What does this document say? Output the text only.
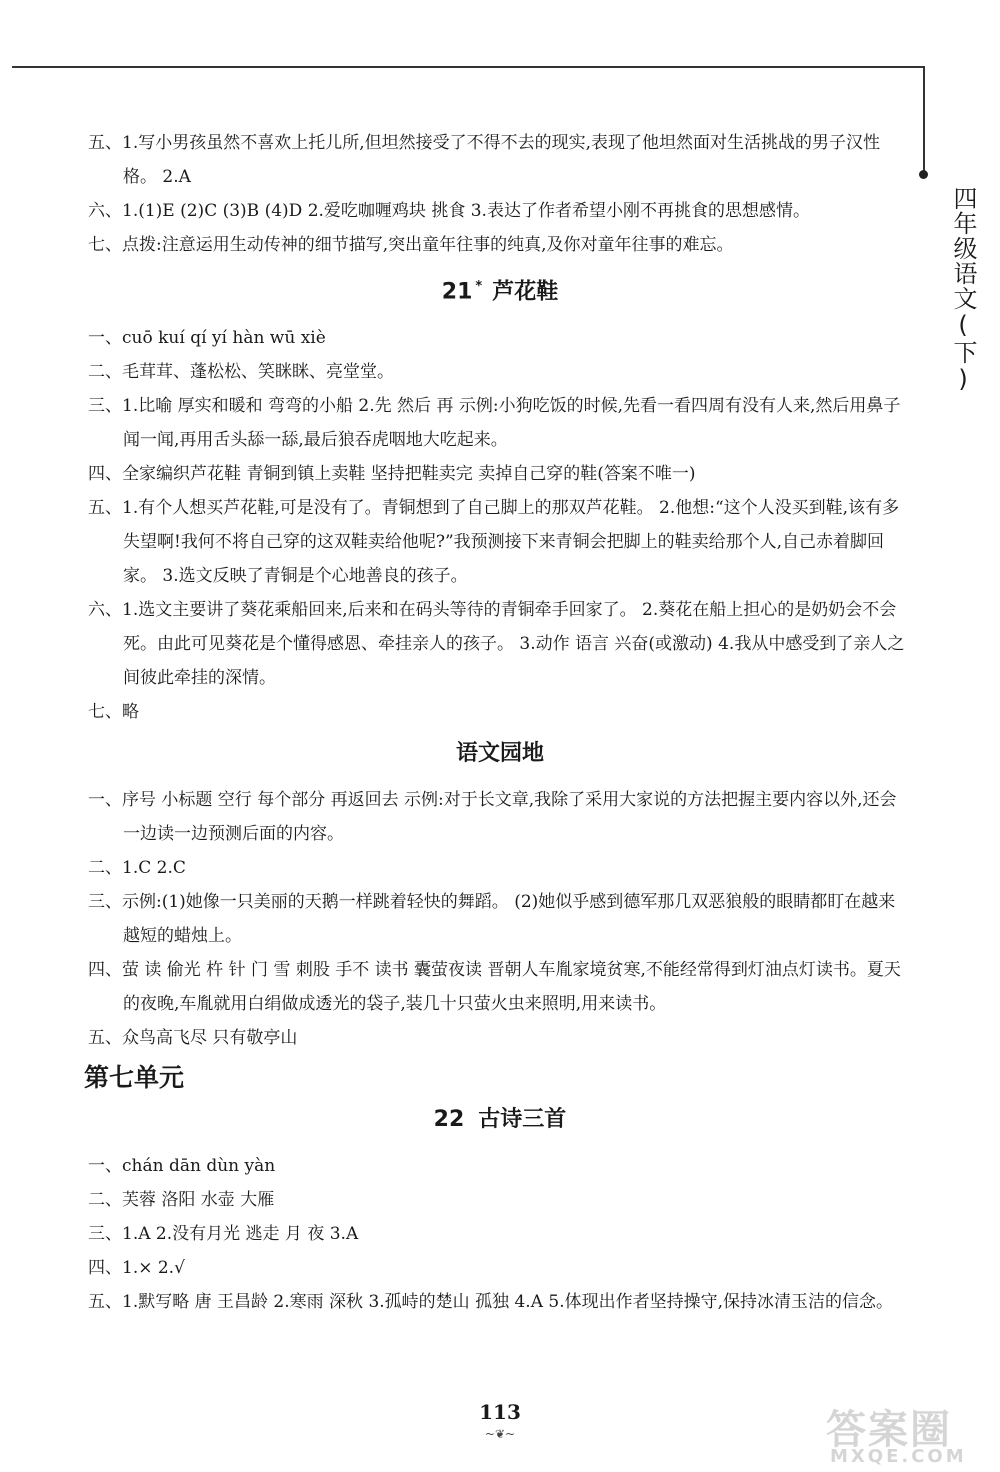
四年级语文(下)

五、1.写小男孩虽然不喜欢上托儿所,但坦然接受了不得不去的现实,表现了他坦然面对生活挑战的男子汉性格。 2.A

六、1.(1)E (2)C (3)B (4)D 2.爱吃咖喱鸡块 挑食 3.表达了作者希望小刚不再挑食的思想感情。

七、点拨:注意运用生动传神的细节描写,突出童年往事的纯真,及你对童年往事的难忘。

21 * 芦花鞋

一、cuō kuí qí yí hàn wū xiè

二、毛茸茸、蓬松松、笑眯眯、亮堂堂。

三、1.比喻 厚实和暖和 弯弯的小船 2.先 然后 再 示例:小狗吃饭的时候,先看一看四周有没有人来,然后用鼻子闻一闻,再用舌头舔一舔,最后狼吞虎咽地大吃起来。

四、全家编织芦花鞋 青铜到镇上卖鞋 坚持把鞋卖完 卖掉自己穿的鞋(答案不唯一)

五、1.有个人想买芦花鞋,可是没有了。青铜想到了自己脚上的那双芦花鞋。 2.他想:“这个人没买到鞋,该有多失望啊!我何不将自己穿的这双鞋卖给他呢?”我预测接下来青铜会把脚上的鞋卖给那个人,自己赤着脚回家。 3.选文反映了青铜是个心地善良的孩子。

六、1.选文主要讲了葵花乘船回来,后来和在码头等待的青铜牵手回家了。 2.葵花在船上担心的是奶奶会不会死。由此可见葵花是个懂得感恩、牵挂亲人的孩子。 3.动作 语言 兴奋(或激动) 4.我从中感受到了亲人之间彼此牵挂的深情。

七、略

语文园地

一、序号 小标题 空行 每个部分 再返回去 示例:对于长文章,我除了采用大家说的方法把握主要内容以外,还会一边读一边预测后面的内容。

二、1.C 2.C

三、示例:(1)她像一只美丽的天鹅一样跳着轻快的舞蹈。 (2)她似乎感到德军那几双恶狼般的眼睛都盯在越来越短的蜡烛上。

四、萤 读 偷光 杵 针 门 雪 刺股 手不 读书 囊萤夜读 晋朝人车胤家境贫寒,不能经常得到灯油点灯读书。夏天的夜晚,车胤就用白绢做成透光的袋子,装几十只萤火虫来照明,用来读书。

五、众鸟高飞尽 只有敬亭山

第七单元
22 古诗三首

一、chán dān dùn yàn

二、芙蓉 洛阳 水壶 大雁

三、1.A 2.没有月光 逃走 月 夜 3.A

四、1.× 2.√

五、1.默写略 唐 王昌龄 2.寒雨 深秋 3.孤峙的楚山 孤独 4.A 5.体现出作者坚持操守,保持冰清玉洁的信念。

113
~❦~	答案圈
MXQE.COM
